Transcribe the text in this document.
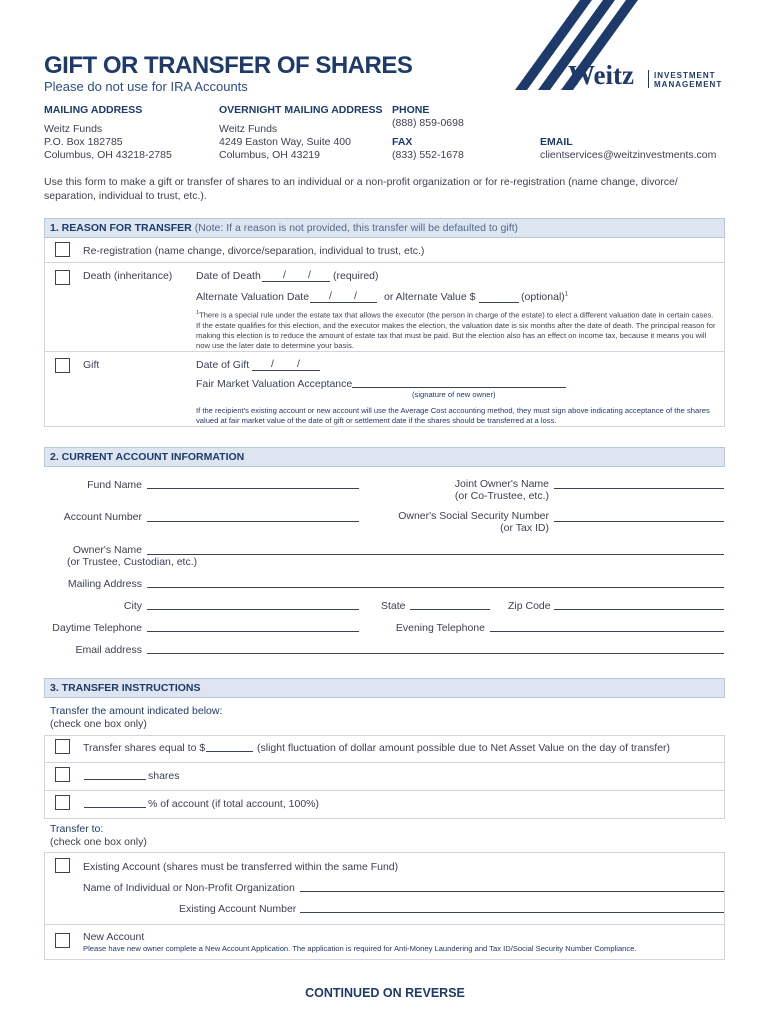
GIFT OR TRANSFER OF SHARES
Please do not use for IRA Accounts	Weitz	INVESTMENT
MANAGEMENT
MAILING ADDRESS
Weitz Funds
P.O. Box 182785
Columbus, OH 43218-2785
OVERNIGHT MAILING ADDRESS
Weitz Funds
4249 Easton Way, Suite 400
Columbus, OH 43219
PHONE
(888) 859-0698
FAX
(833) 552-1678
EMAIL
clientservices@weitzinvestments.com
Use this form to make a gift or transfer of shares to an individual or a non-profit organization or for re-registration (name change, divorce/ separation, individual to trust, etc.).
1. REASON FOR TRANSFER (Note: If a reason is not provided, this transfer will be defaulted to gift)
Re-registration (name change, divorce/separation, individual to trust, etc.)
Death (inheritance) Date of Death / / (required)
Alternate Valuation Date / /	or Alternate Value $	(optional)$^1$
$^1$There is a special rule under the estate tax that allows the executor (the person in charge of the estate) to elect a different valuation date in certain cases. If the estate qualifies for this election, and the executor makes the election, the valuation date is six months after the date of death. The principal reason for making this election is to reduce the amount of estate tax that must be paid. But the election also has an effect on income tax, because it means you will now use the later date to determine your basis.
Gift	Date of Gift / /
Fair Market Valuation Acceptance
(signature of new owner)
If the recipient's existing account or new account will use the Average Cost accounting method, they must sign above indicating acceptance of the shares valued at fair market value of the date of gift or settlement date if the shares should be transferred at a loss.
2. CURRENT ACCOUNT INFORMATION
Fund Name	Joint Owner's Name
(or Co-Trustee, etc.)
Account Number	Owner's Social Security Number
(or Tax ID)
Owner's Name
(or Trustee, Custodian, etc.)
Mailing Address
City	State	Zip Code
Daytime Telephone	Evening Telephone
Email address
3. TRANSFER INSTRUCTIONS
Transfer the amount indicated below:
(check one box only)
Transfer shares equal to $	(slight fluctuation of dollar amount possible due to Net Asset Value on the day of transfer)
shares
% of account (if total account, 100%)
Transfer to:
(check one box only)
Existing Account (shares must be transferred within the same Fund)
Name of Individual or Non-Profit Organization
Existing Account Number
New Account
Please have new owner complete a New Account Application. The application is required for Anti-Money Laundering and Tax ID/Social Security Number Compliance.
CONTINUED ON REVERSE
